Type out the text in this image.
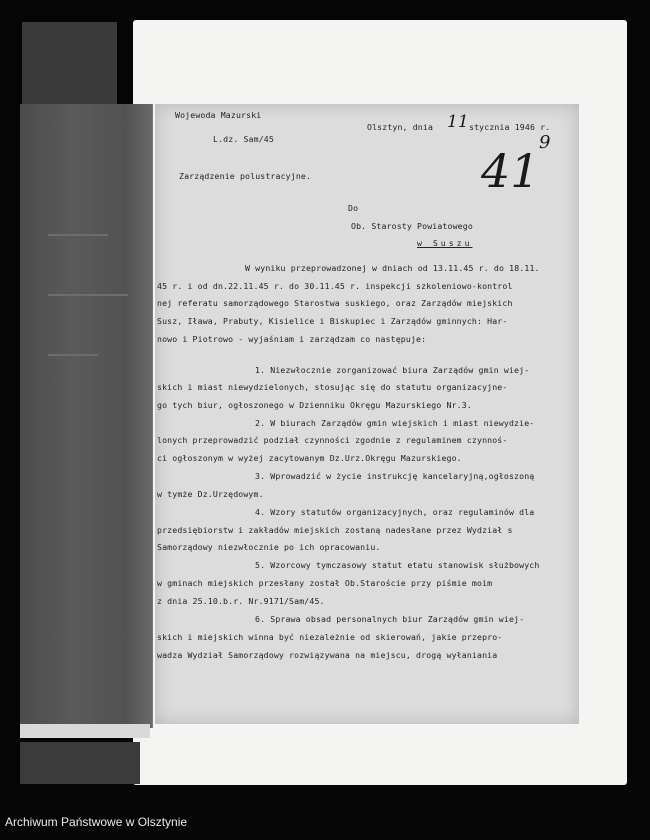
Wojewoda Mazurski
L.dz. Sam/45
Olsztyn, dnia 11 stycznia 1946 r.
9
41
Zarządzenie polustracyjne.
Do
Ob. Starosty Powiatowego
w Suszu
W wyniku przeprowadzonej w dniach od 13.11.45 r. do 18.11.
45 r. i od dn.22.11.45 r. do 30.11.45 r. inspekcji szkoleniowo-kontrol
nej referatu samorządowego Starostwa suskiego, oraz Zarządów miejskich
Susz, Iława, Prabuty, Kisielice i Biskupiec i Zarządów gminnych: Har-
nowo i Piotrowo - wyjaśniam i zarządzam co następuje:
1. Niezwłocznie zorganizować biura Zarządów gmin wiej-
skich i miast niewydzielonych, stosując się do statutu organizacyjne-
go tych biur, ogłoszonego w Dzienniku Okręgu Mazurskiego Nr.3.
2. W biurach Zarządów gmin wiejskich i miast niewydzie-
lonych przeprowadzić podział czynności zgodnie z regulaminem czynnoś-
ci ogłoszonym w wyżej zacytowanym Dz.Urz.Okręgu Mazurskiego.
3. Wprowadzić w życie instrukcję kancelaryjną,ogłoszoną
w tymże Dz.Urzędowym.
4. Wzory statutów organizacyjnych, oraz regulaminów dla
przedsiębiorstw i zakładów miejskich zostaną nadesłane przez Wydział s
Samorządowy niezwłocznie po ich opracowaniu.
5. Wzorcowy tymczasowy statut etatu stanowisk służbowych
w gminach miejskich przesłany został Ob.Staroście przy piśmie moim
z dnia 25.10.b.r. Nr.9171/Sam/45.
6. Sprawa obsad personalnych biur Zarządów gmin wiej-
skich i miejskich winna być niezależnie od skierowań, jakie przepro-
wadza Wydział Samorządowy rozwiązywana na miejscu, drogą wyłaniania
Archiwum Państwowe w Olsztynie
